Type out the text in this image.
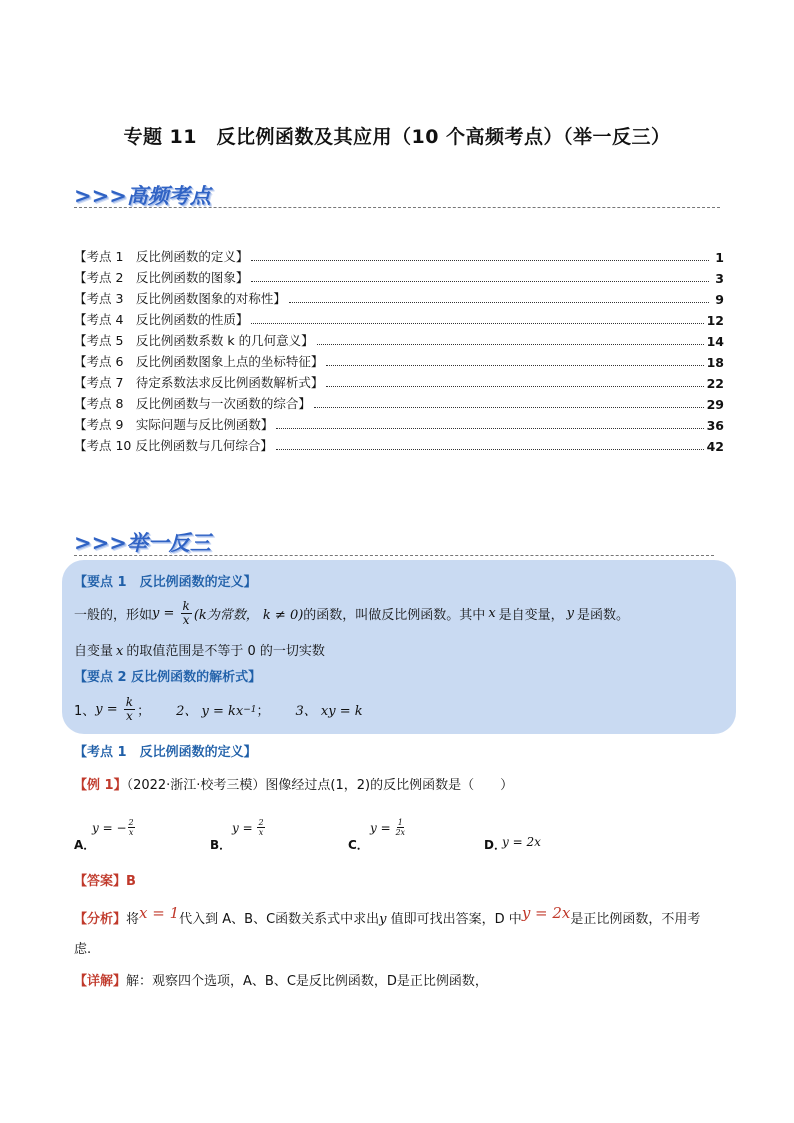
专题 11　反比例函数及其应用（10 个高频考点）（举一反三）
>>>高频考点
【考点 1　反比例函数的定义】	1
【考点 2　反比例函数的图象】	3
【考点 3　反比例函数图象的对称性】	9
【考点 4　反比例函数的性质】	12
【考点 5　反比例函数系数 k 的几何意义】	14
【考点 6　反比例函数图象上点的坐标特征】	18
【考点 7　待定系数法求反比例函数解析式】	22
【考点 8　反比例函数与一次函数的综合】	29
【考点 9　实际问题与反比例函数】	36
【考点 10 反比例函数与几何综合】	42
>>>举一反三
【要点 1　反比例函数的定义】
一般的，形如 $y = \frac{k}{x} (k$为常数， k ≠ 0) 的函数，叫做反比例函数。其中 x 是自变量， y 是函数。
自变量 x 的取值范围是不等于 0 的一切实数
【要点 2 反比例函数的解析式】
1、 $y = \frac{k}{x}$ ； 2、 y = kx −1 ； 3、 xy = k
【考点 1　反比例函数的定义】
【例 1】（2022·浙江·校考三模）图像经过点(1，2)的反比例函数是（　　）
A．
y = − $\frac{2}{x}$
B．
$y = \frac{2}{x}$
C．
$y = \frac{1}{2x}$
D．
y = 2x
【答案】B
【分析】 将 x = 1 代入到 A、B、C函数关系式中求出 y 值即可找出答案，D 中 y = 2x 是正比例函数，不用考
虑.
【详解】解：观察四个选项，A、B、C是反比例函数，D是正比例函数，
